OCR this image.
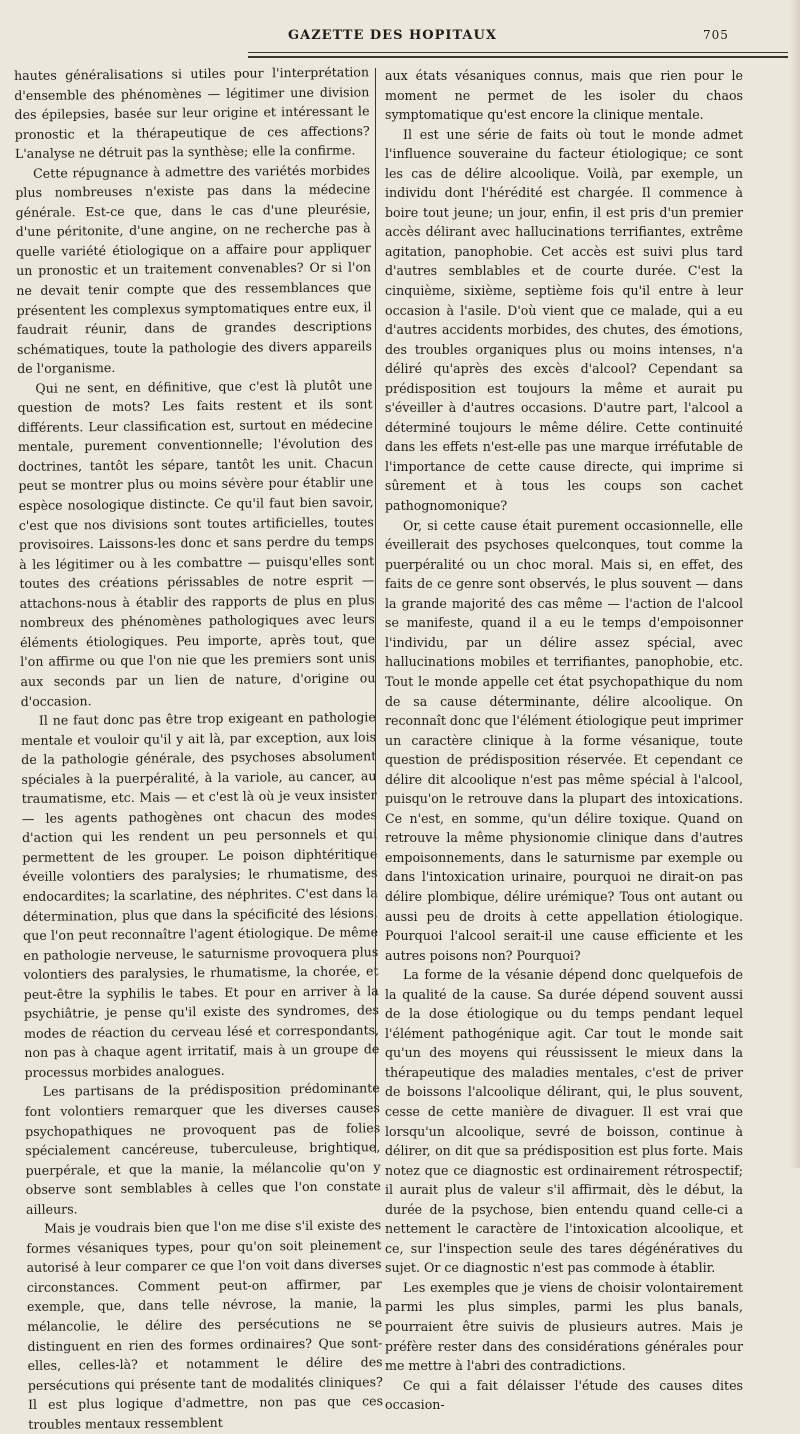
GAZETTE DES HOPITAUX	705

hautes généralisations si utiles pour l'interprétation d'ensemble des phénomènes — légitimer une division des épilepsies, basée sur leur origine et intéressant le pronostic et la thérapeutique de ces affections? L'analyse ne détruit pas la synthèse; elle la confirme.

Cette répugnance à admettre des variétés morbides plus nombreuses n'existe pas dans la médecine générale. Est-ce que, dans le cas d'une pleurésie, d'une péritonite, d'une angine, on ne recherche pas à quelle variété étiologique on a affaire pour appliquer un pronostic et un traitement convenables? Or si l'on ne devait tenir compte que des ressemblances que présentent les complexus symptomatiques entre eux, il faudrait réunir, dans de grandes descriptions schématiques, toute la pathologie des divers appareils de l'organisme.

Qui ne sent, en définitive, que c'est là plutôt une question de mots? Les faits restent et ils sont différents. Leur classification est, surtout en médecine mentale, purement conventionnelle; l'évolution des doctrines, tantôt les sépare, tantôt les unit. Chacun peut se montrer plus ou moins sévère pour établir une espèce nosologique distincte. Ce qu'il faut bien savoir, c'est que nos divisions sont toutes artificielles, toutes provisoires. Laissons-les donc et sans perdre du temps à les légitimer ou à les combattre — puisqu'elles sont toutes des créations périssables de notre esprit — attachons-nous à établir des rapports de plus en plus nombreux des phénomènes pathologiques avec leurs éléments étiologiques. Peu importe, après tout, que l'on affirme ou que l'on nie que les premiers sont unis aux seconds par un lien de nature, d'origine ou d'occasion.

Il ne faut donc pas être trop exigeant en pathologie mentale et vouloir qu'il y ait là, par exception, aux lois de la pathologie générale, des psychoses absolument spéciales à la puerpéralité, à la variole, au cancer, au traumatisme, etc. Mais — et c'est là où je veux insister — les agents pathogènes ont chacun des modes d'action qui les rendent un peu personnels et qui permettent de les grouper. Le poison diphtéritique éveille volontiers des paralysies; le rhumatisme, des endocardites; la scarlatine, des néphrites. C'est dans la détermination, plus que dans la spécificité des lésions, que l'on peut reconnaître l'agent étiologique. De même en pathologie nerveuse, le saturnisme provoquera plus volontiers des paralysies, le rhumatisme, la chorée, et peut-être la syphilis le tabes. Et pour en arriver à la psychiâtrie, je pense qu'il existe des syndromes, des modes de réaction du cerveau lésé et correspondants, non pas à chaque agent irritatif, mais à un groupe de processus morbides analogues.

Les partisans de la prédisposition prédominante font volontiers remarquer que les diverses causes psychopathiques ne provoquent pas de folies spécialement cancéreuse, tuberculeuse, brightique, puerpérale, et que la manie, la mélancolie qu'on y observe sont semblables à celles que l'on constate ailleurs.

Mais je voudrais bien que l'on me dise s'il existe des formes vésaniques types, pour qu'on soit pleinement autorisé à leur comparer ce que l'on voit dans diverses circonstances. Comment peut-on affirmer, par exemple, que, dans telle névrose, la manie, la mélancolie, le délire des persécutions ne se distinguent en rien des formes ordinaires? Que sont-elles, celles-là? et notamment le délire des persécutions qui présente tant de modalités cliniques? Il est plus logique d'admettre, non pas que ces troubles mentaux ressemblent

aux états vésaniques connus, mais que rien pour le moment ne permet de les isoler du chaos symptomatique qu'est encore la clinique mentale.

Il est une série de faits où tout le monde admet l'influence souveraine du facteur étiologique; ce sont les cas de délire alcoolique. Voilà, par exemple, un individu dont l'hérédité est chargée. Il commence à boire tout jeune; un jour, enfin, il est pris d'un premier accès délirant avec hallucinations terrifiantes, extrême agitation, panophobie. Cet accès est suivi plus tard d'autres semblables et de courte durée. C'est la cinquième, sixième, septième fois qu'il entre à leur occasion à l'asile. D'où vient que ce malade, qui a eu d'autres accidents morbides, des chutes, des émotions, des troubles organiques plus ou moins intenses, n'a déliré qu'après des excès d'alcool? Cependant sa prédisposition est toujours la même et aurait pu s'éveiller à d'autres occasions. D'autre part, l'alcool a déterminé toujours le même délire. Cette continuité dans les effets n'est-elle pas une marque irréfutable de l'importance de cette cause directe, qui imprime si sûrement et à tous les coups son cachet pathognomonique?

Or, si cette cause était purement occasionnelle, elle éveillerait des psychoses quelconques, tout comme la puerpéralité ou un choc moral. Mais si, en effet, des faits de ce genre sont observés, le plus souvent — dans la grande majorité des cas même — l'action de l'alcool se manifeste, quand il a eu le temps d'empoisonner l'individu, par un délire assez spécial, avec hallucinations mobiles et terrifiantes, panophobie, etc. Tout le monde appelle cet état psychopathique du nom de sa cause déterminante, délire alcoolique. On reconnaît donc que l'élément étiologique peut imprimer un caractère clinique à la forme vésanique, toute question de prédisposition réservée. Et cependant ce délire dit alcoolique n'est pas même spécial à l'alcool, puisqu'on le retrouve dans la plupart des intoxications. Ce n'est, en somme, qu'un délire toxique. Quand on retrouve la même physionomie clinique dans d'autres empoisonnements, dans le saturnisme par exemple ou dans l'intoxication urinaire, pourquoi ne dirait-on pas délire plombique, délire urémique? Tous ont autant ou aussi peu de droits à cette appellation étiologique. Pourquoi l'alcool serait-il une cause efficiente et les autres poisons non? Pourquoi?

La forme de la vésanie dépend donc quelquefois de la qualité de la cause. Sa durée dépend souvent aussi de la dose étiologique ou du temps pendant lequel l'élément pathogénique agit. Car tout le monde sait qu'un des moyens qui réussissent le mieux dans la thérapeutique des maladies mentales, c'est de priver de boissons l'alcoolique délirant, qui, le plus souvent, cesse de cette manière de divaguer. Il est vrai que lorsqu'un alcoolique, sevré de boisson, continue à délirer, on dit que sa prédisposition est plus forte. Mais notez que ce diagnostic est ordinairement rétrospectif; il aurait plus de valeur s'il affirmait, dès le début, la durée de la psychose, bien entendu quand celle-ci a nettement le caractère de l'intoxication alcoolique, et ce, sur l'inspection seule des tares dégénératives du sujet. Or ce diagnostic n'est pas commode à établir.

Les exemples que je viens de choisir volontairement parmi les plus simples, parmi les plus banals, pourraient être suivis de plusieurs autres. Mais je préfère rester dans des considérations générales pour me mettre à l'abri des contradictions.

Ce qui a fait délaisser l'étude des causes dites occasion-
